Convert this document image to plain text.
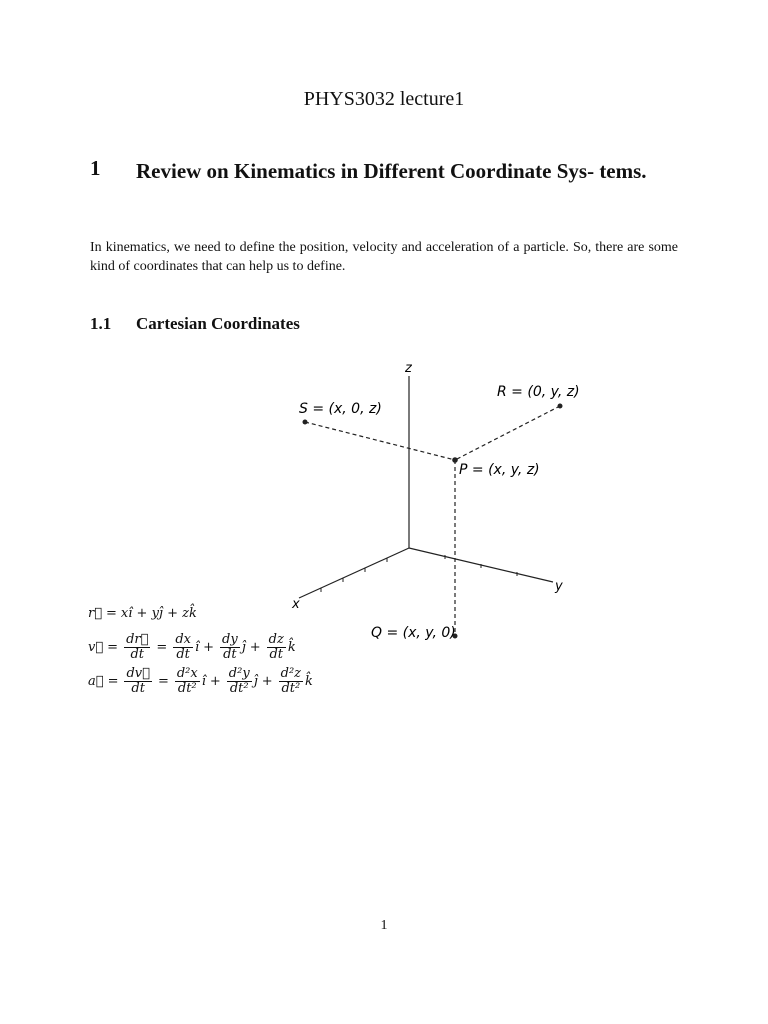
PHYS3032 lecture1
1 Review on Kinematics in Different Coordinate Sys- tems.
In kinematics, we need to define the position, velocity and acceleration of a particle. So, there are some kind of coordinates that can help us to define.
1.1 Cartesian Coordinates
z
y
x
S = (x, 0, z)
R = (0, y, z)
P = (x, y, z)
Q = (x, y, 0)
r⃗ = xî + yĵ + zk̂
v⃗ = $\frac{dr⃗}{dt} = \frac{dx}{dt}$ î + $\frac{dy}{dt}$ ĵ + $\frac{dz}{dt}$ k̂
a⃗ = $\frac{dv⃗}{dt} = \frac{\text{d²x}}{\text{dt²}}$ î + $\frac{\text{d²y}}{\text{dt²}}$ ĵ + $\frac{\text{d²z}}{\text{dt²}}$ k̂
1
